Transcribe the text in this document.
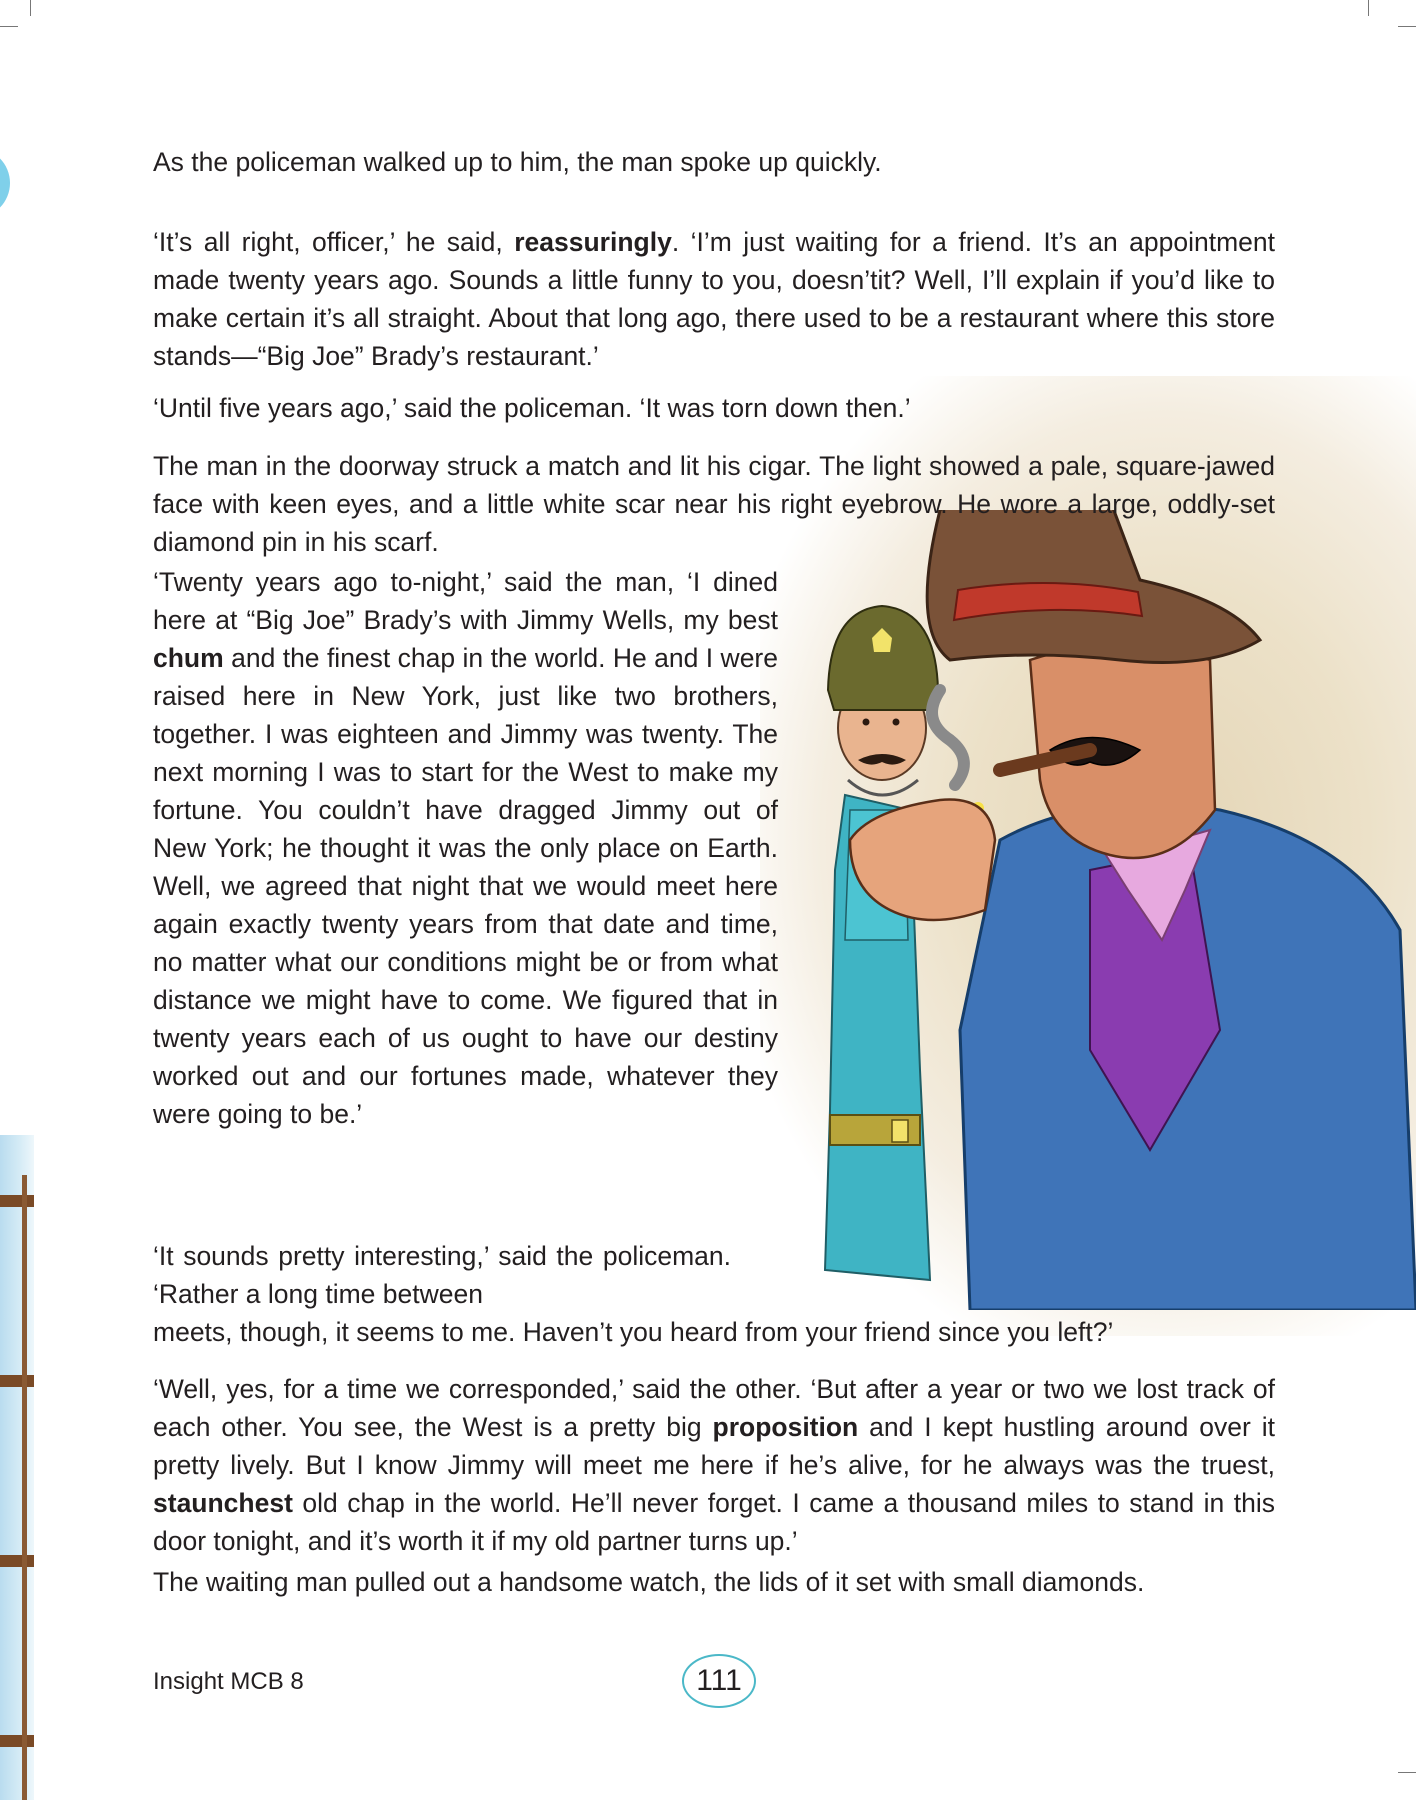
As the policeman walked up to him, the man spoke up quickly.

‘It’s all right, officer,’ he said, reassuringly. ‘I’m just waiting for a friend. It’s an appointment made twenty years ago. Sounds a little funny to you, doesn’tit? Well, I’ll explain if you’d like to make certain it’s all straight. About that long ago, there used to be a restaurant where this store stands—“Big Joe” Brady’s restaurant.’

‘Until five years ago,’ said the policeman. ‘It was torn down then.’

The man in the doorway struck a match and lit his cigar. The light showed a pale, square-jawed face with keen eyes, and a little white scar near his right eyebrow. He wore a large, oddly-set diamond pin in his scarf.

‘Twenty years ago to-night,’ said the man, ‘I dined here at “Big Joe” Brady’s with Jimmy Wells, my best chum and the finest chap in the world. He and I were raised here in New York, just like two brothers, together. I was eighteen and Jimmy was twenty. The next morning I was to start for the West to make my fortune. You couldn’t have dragged Jimmy out of New York; he thought it was the only place on Earth. Well, we agreed that night that we would meet here again exactly twenty years from that date and time, no matter what our conditions might be or from what distance we might have to come. We figured that in twenty years each of us ought to have our destiny worked out and our fortunes made, whatever they were going to be.’

‘It sounds pretty interesting,’ said the policeman. ‘Rather a long time between

meets, though, it seems to me. Haven’t you heard from your friend since you left?’

‘Well, yes, for a time we corresponded,’ said the other. ‘But after a year or two we lost track of each other. You see, the West is a pretty big proposition and I kept hustling around over it pretty lively. But I know Jimmy will meet me here if he’s alive, for he always was the truest, staunchest old chap in the world. He’ll never forget. I came a thousand miles to stand in this door tonight, and it’s worth it if my old partner turns up.’

The waiting man pulled out a handsome watch, the lids of it set with small diamonds.

Insight MCB 8	111
